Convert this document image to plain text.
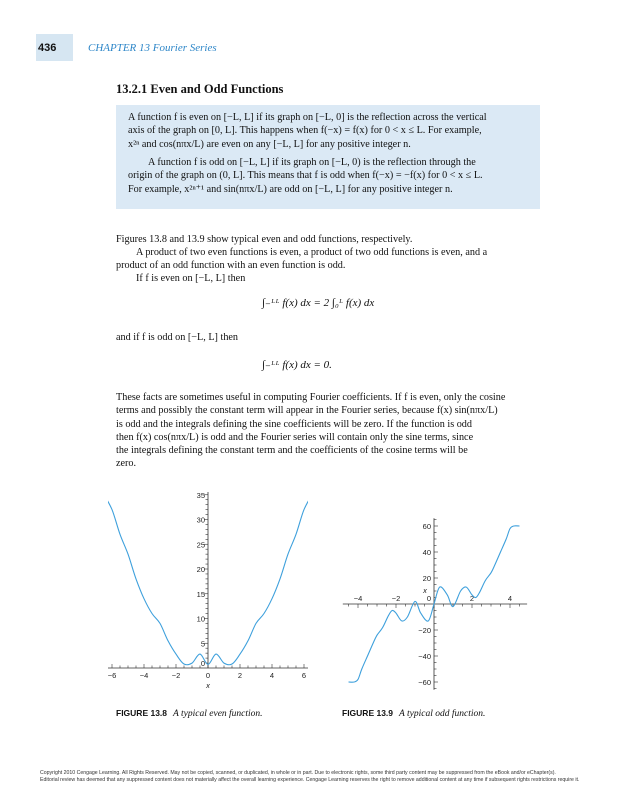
436	CHAPTER 13 Fourier Series
13.2.1 Even and Odd Functions
A function f is even on [−L, L] if its graph on [−L, 0] is the reflection across the vertical
axis of the graph on [0, L]. This happens when f(−x) = f(x) for 0 < x ≤ L. For example,
x²ⁿ and cos(nπx/L) are even on any [−L, L] for any positive integer n.
A function f is odd on [−L, L] if its graph on [−L, 0) is the reflection through the
origin of the graph on (0, L]. This means that f is odd when f(−x) = −f(x) for 0 < x ≤ L.
For example, x²ⁿ⁺¹ and sin(nπx/L) are odd on [−L, L] for any positive integer n.
Figures 13.8 and 13.9 show typical even and odd functions, respectively.
A product of two even functions is even, a product of two odd functions is even, and a
product of an odd function with an even function is odd.
If f is even on [−L, L] then
∫₋ᴸᴸ f(x) dx = 2 ∫₀ᴸ f(x) dx
and if f is odd on [−L, L] then
∫₋ᴸᴸ f(x) dx = 0.
These facts are sometimes useful in computing Fourier coefficients. If f is even, only the cosine
terms and possibly the constant term will appear in the Fourier series, because f(x) sin(nπx/L)
is odd and the integrals defining the sine coefficients will be zero. If the function is odd
then f(x) cos(nπx/L) is odd and the Fourier series will contain only the sine terms, since
the integrals defining the constant term and the coefficients of the cosine terms will be
zero.
−6	−4	−2	0	2	4	6
5
10
15
20
25
30
35
0
x
−4	−2	0	2	4
−60
−40
−20
20
40
60
x
FIGURE 13.8 A typical even function.	FIGURE 13.9 A typical odd function.
Copyright 2010 Cengage Learning. All Rights Reserved. May not be copied, scanned, or duplicated, in whole or in part. Due to electronic rights, some third party content may be suppressed from the eBook and/or eChapter(s).
Editorial review has deemed that any suppressed content does not materially affect the overall learning experience. Cengage Learning reserves the right to remove additional content at any time if subsequent rights restrictions require it.
